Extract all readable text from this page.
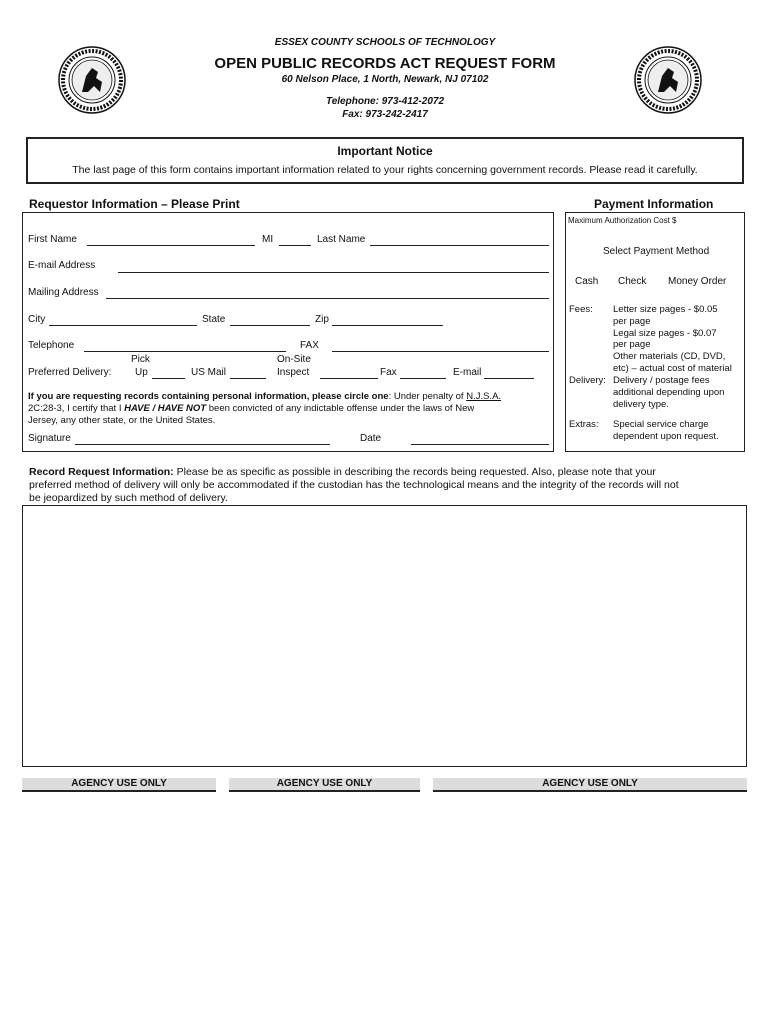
ESSEX COUNTY SCHOOLS OF TECHNOLOGY
OPEN PUBLIC RECORDS ACT REQUEST FORM
60 Nelson Place, 1 North, Newark, NJ 07102
Telephone: 973-412-2072
Fax: 973-242-2417
Important Notice
The last page of this form contains important information related to your rights concerning government records. Please read it carefully.
Requestor Information – Please Print	Payment Information
First Name	MI	Last Name
E-mail Address
Mailing Address
City	State	Zip
Telephone	FAX
Pick	On-Site
Preferred Delivery: Up	US Mail	Inspect	Fax	E-mail
If you are requesting records containing personal information, please circle one: Under penalty of N.J.S.A.
2C:28-3, I certify that I HAVE / HAVE NOT been convicted of any indictable offense under the laws of New
Jersey, any other state, or the United States.
Signature	Date
Maximum Authorization Cost $
Select Payment Method
Cash Check Money Order
Fees: Letter size pages - $0.05
per page
Legal size pages - $0.07
per page
Other materials (CD, DVD,
etc) – actual cost of material
Delivery: Delivery / postage fees
additional depending upon
delivery type.
Extras: Special service charge
dependent upon request.
Record Request Information: Please be as specific as possible in describing the records being requested. Also, please note that your
preferred method of delivery will only be accommodated if the custodian has the technological means and the integrity of the records will not
be jeopardized by such method of delivery.
AGENCY USE ONLY	AGENCY USE ONLY	AGENCY USE ONLY
